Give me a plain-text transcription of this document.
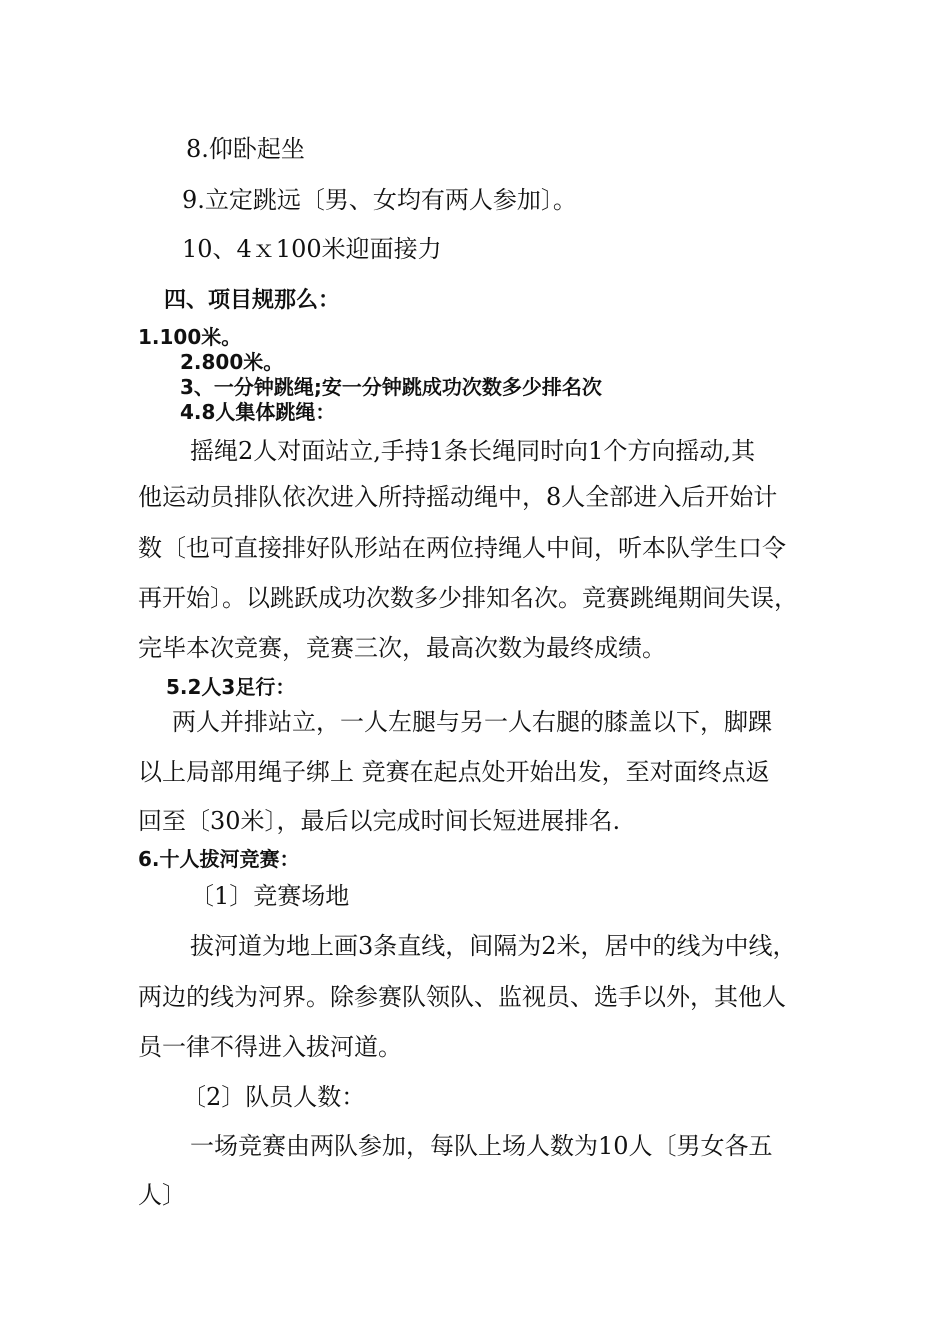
8.仰卧起坐
9.立定跳远〔男、女均有两人参加〕。
10、4ｘ100米迎面接力
四、项目规那么：
1.100米。
2.800米。
3、一分钟跳绳;安一分钟跳成功次数多少排名次
4.8人集体跳绳：
摇绳2人对面站立,手持1条长绳同时向1个方向摇动,其
他运动员排队依次进入所持摇动绳中，8人全部进入后开始计
数〔也可直接排好队形站在两位持绳人中间，听本队学生口令
再开始〕。以跳跃成功次数多少排知名次。竞赛跳绳期间失误，
完毕本次竞赛，竞赛三次，最高次数为最终成绩。
5.2人3足行：
两人并排站立，一人左腿与另一人右腿的膝盖以下，脚踝
以上局部用绳子绑上 竞赛在起点处开始出发，至对面终点返
回至〔30米〕，最后以完成时间长短进展排名.
6.十人拔河竞赛：
〔1〕竞赛场地
拔河道为地上画3条直线，间隔为2米，居中的线为中线，
两边的线为河界。除参赛队领队、监视员、选手以外，其他人
员一律不得进入拔河道。
〔2〕队员人数：
一场竞赛由两队参加，每队上场人数为10人〔男女各五
人〕
